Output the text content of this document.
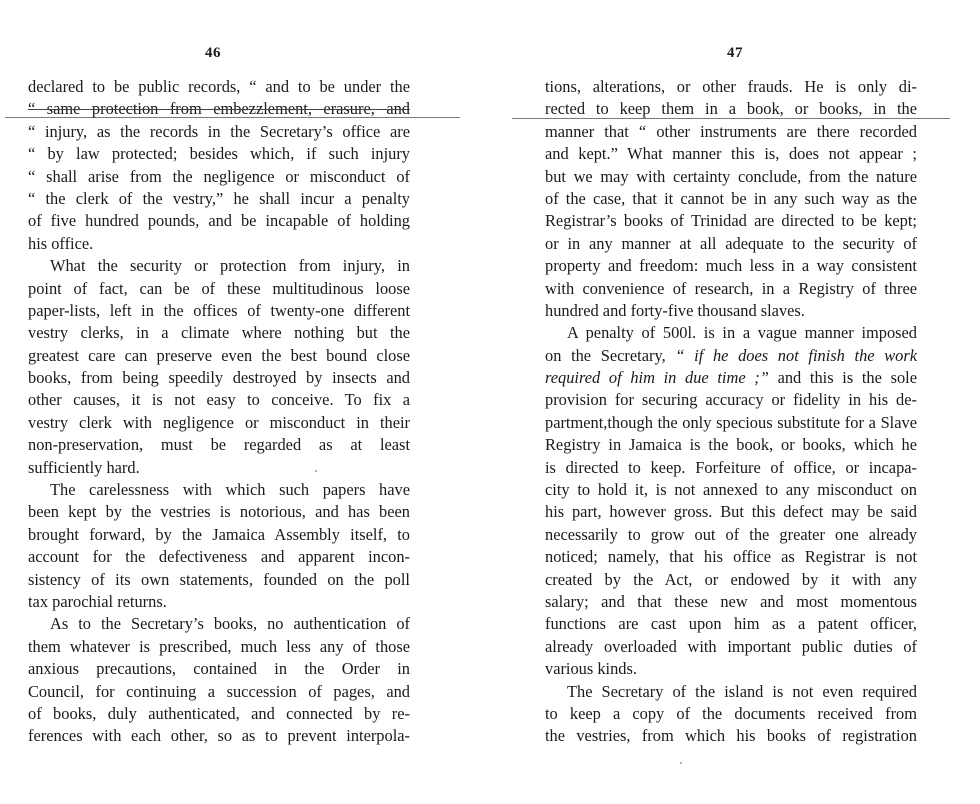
46
declared to be public records, “ and to be under the
“ same protection from embezzlement, erasure, and
“ injury, as the records in the Secretary’s office are
“ by law protected; besides which, if such injury
“ shall arise from the negligence or misconduct of
“ the clerk of the vestry,” he shall incur a penalty
of five hundred pounds, and be incapable of holding
his office.
What the security or protection from injury, in
point of fact, can be of these multitudinous loose
paper-lists, left in the offices of twenty-one different
vestry clerks, in a climate where nothing but the
greatest care can preserve even the best bound close
books, from being speedily destroyed by insects and
other causes, it is not easy to conceive. To fix a
vestry clerk with negligence or misconduct in their
non-preservation, must be regarded as at least
sufficiently hard.
The carelessness with which such papers have
been kept by the vestries is notorious, and has been
brought forward, by the Jamaica Assembly itself, to
account for the defectiveness and apparent incon-
sistency of its own statements, founded on the poll
tax parochial returns.
As to the Secretary’s books, no authentication of
them whatever is prescribed, much less any of those
anxious precautions, contained in the Order in
Council, for continuing a succession of pages, and
of books, duly authenticated, and connected by re-
ferences with each other, so as to prevent interpola-
47
tions, alterations, or other frauds. He is only di-
rected to keep them in a book, or books, in the
manner that “ other instruments are there recorded
and kept.” What manner this is, does not appear ;
but we may with certainty conclude, from the nature
of the case, that it cannot be in any such way as the
Registrar’s books of Trinidad are directed to be kept;
or in any manner at all adequate to the security of
property and freedom: much less in a way consistent
with convenience of research, in a Registry of three
hundred and forty-five thousand slaves.
A penalty of 500l. is in a vague manner imposed
on the Secretary, “ if he does not finish the work
required of him in due time ;” and this is the sole
provision for securing accuracy or fidelity in his de-
partment,though the only specious substitute for a Slave
Registry in Jamaica is the book, or books, which he
is directed to keep. Forfeiture of office, or incapa-
city to hold it, is not annexed to any misconduct on
his part, however gross. But this defect may be said
necessarily to grow out of the greater one already
noticed; namely, that his office as Registrar is not
created by the Act, or endowed by it with any
salary; and that these new and most momentous
functions are cast upon him as a patent officer,
already overloaded with important public duties of
various kinds.
The Secretary of the island is not even required
to keep a copy of the documents received from
the vestries, from which his books of registration
